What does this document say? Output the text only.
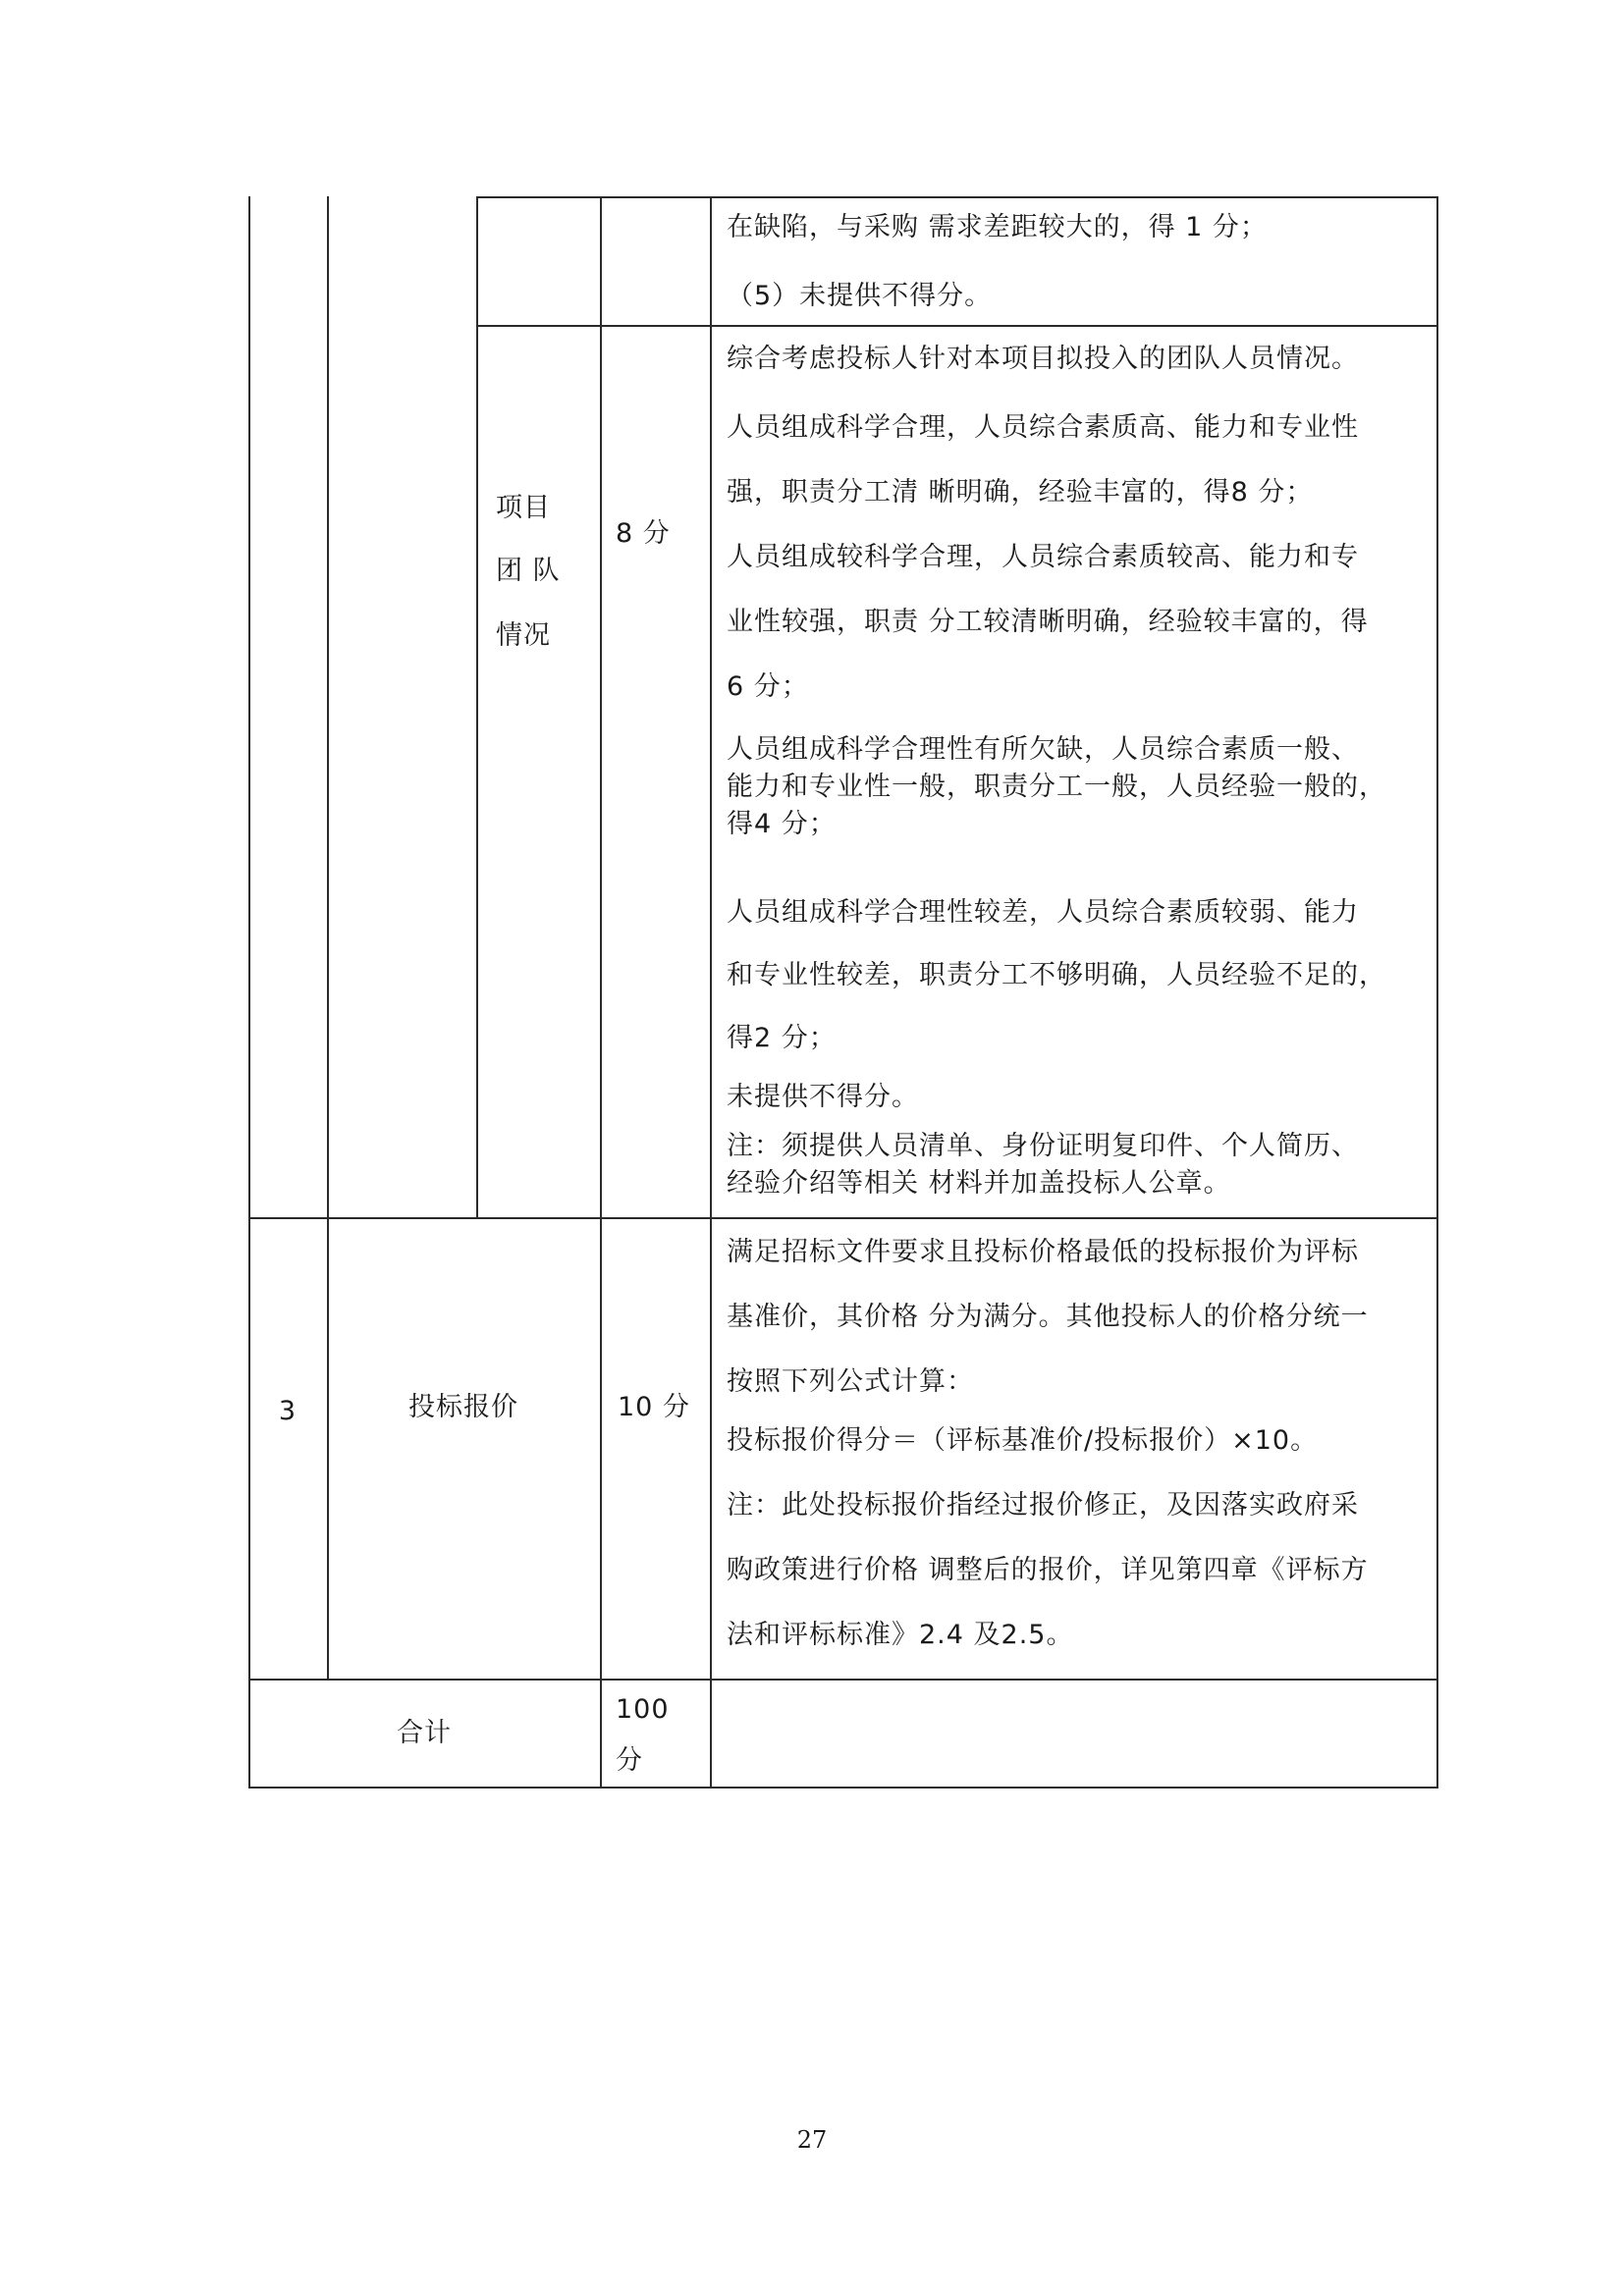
在缺陷，与采购 需求差距较大的，得 1 分；
（5）未提供不得分。
项目
团 队
情况
8 分
综合考虑投标人针对本项目拟投入的团队人员情况。
人员组成科学合理，人员综合素质高、能力和专业性
强，职责分工清 晰明确，经验丰富的，得8 分；
人员组成较科学合理，人员综合素质较高、能力和专
业性较强，职责 分工较清晰明确，经验较丰富的，得
6 分；
人员组成科学合理性有所欠缺，人员综合素质一般、
能力和专业性一般，职责分工一般，人员经验一般的，
得4 分；
人员组成科学合理性较差，人员综合素质较弱、能力
和专业性较差，职责分工不够明确，人员经验不足的，
得2 分；
未提供不得分。
注：须提供人员清单、身份证明复印件、个人简历、
经验介绍等相关 材料并加盖投标人公章。
3	投标报价	10 分
满足招标文件要求且投标价格最低的投标报价为评标
基准价，其价格 分为满分。其他投标人的价格分统一
按照下列公式计算：
投标报价得分＝（评标基准价/投标报价）×10。
注：此处投标报价指经过报价修正，及因落实政府采
购政策进行价格 调整后的报价，详见第四章《评标方
法和评标标准》2.4 及2.5。
合计
100
分
27
